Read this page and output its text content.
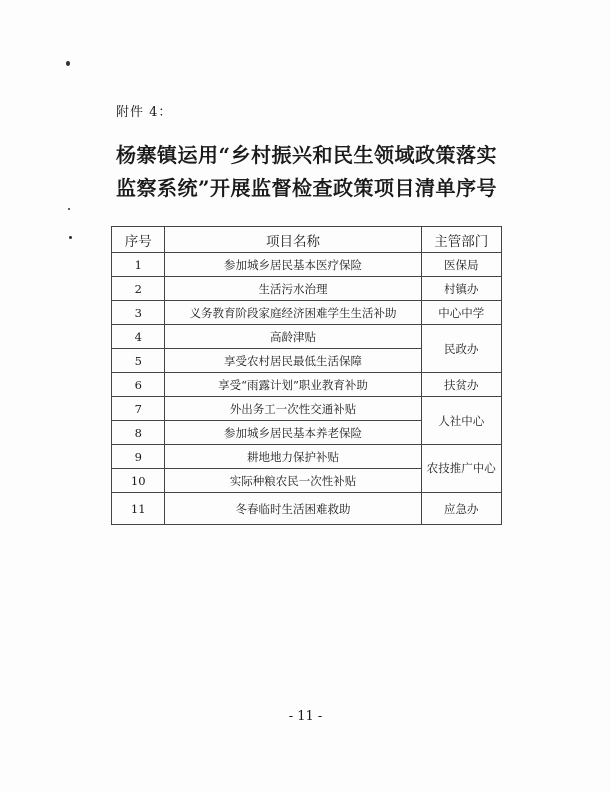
附件 4：
杨寨镇运用“乡村振兴和民生领域政策落实
监察系统”开展监督检查政策项目清单序号
序号	项目名称	主管部门
1	参加城乡居民基本医疗保险	医保局
2	生活污水治理	村镇办
3	义务教育阶段家庭经济困难学生生活补助	中心中学
4	高龄津贴	民政办
5	享受农村居民最低生活保障	
6	享受“雨露计划”职业教育补助	扶贫办
7	外出务工一次性交通补贴	人社中心
8	参加城乡居民基本养老保险	
9	耕地地力保护补贴	农技推广中心
10	实际种粮农民一次性补贴	
11	冬春临时生活困难救助	应急办
- 11 -
